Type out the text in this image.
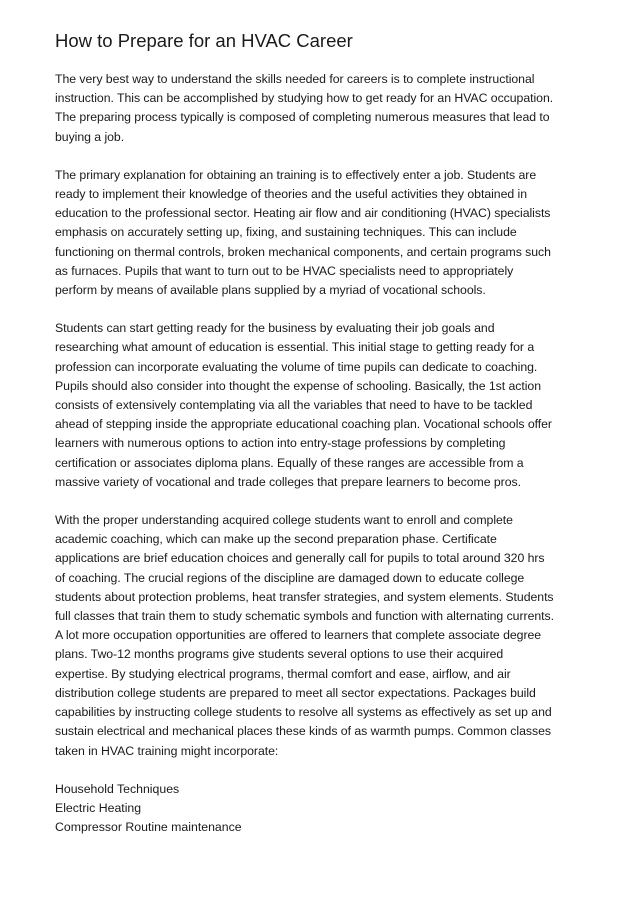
How to Prepare for an HVAC Career

The very best way to understand the skills needed for careers is to complete instructional
instruction. This can be accomplished by studying how to get ready for an HVAC occupation.
The preparing process typically is composed of completing numerous measures that lead to
buying a job.

The primary explanation for obtaining an training is to effectively enter a job. Students are
ready to implement their knowledge of theories and the useful activities they obtained in
education to the professional sector. Heating air flow and air conditioning (HVAC) specialists
emphasis on accurately setting up, fixing, and sustaining techniques. This can include
functioning on thermal controls, broken mechanical components, and certain programs such
as furnaces. Pupils that want to turn out to be HVAC specialists need to appropriately
perform by means of available plans supplied by a myriad of vocational schools.

Students can start getting ready for the business by evaluating their job goals and
researching what amount of education is essential. This initial stage to getting ready for a
profession can incorporate evaluating the volume of time pupils can dedicate to coaching.
Pupils should also consider into thought the expense of schooling. Basically, the 1st action
consists of extensively contemplating via all the variables that need to have to be tackled
ahead of stepping inside the appropriate educational coaching plan. Vocational schools offer
learners with numerous options to action into entry-stage professions by completing
certification or associates diploma plans. Equally of these ranges are accessible from a
massive variety of vocational and trade colleges that prepare learners to become pros.

With the proper understanding acquired college students want to enroll and complete
academic coaching, which can make up the second preparation phase. Certificate
applications are brief education choices and generally call for pupils to total around 320 hrs
of coaching. The crucial regions of the discipline are damaged down to educate college
students about protection problems, heat transfer strategies, and system elements. Students
full classes that train them to study schematic symbols and function with alternating currents.
A lot more occupation opportunities are offered to learners that complete associate degree
plans. Two-12 months programs give students several options to use their acquired
expertise. By studying electrical programs, thermal comfort and ease, airflow, and air
distribution college students are prepared to meet all sector expectations. Packages build
capabilities by instructing college students to resolve all systems as effectively as set up and
sustain electrical and mechanical places these kinds of as warmth pumps. Common classes
taken in HVAC training might incorporate:

Household Techniques
Electric Heating
Compressor Routine maintenance
